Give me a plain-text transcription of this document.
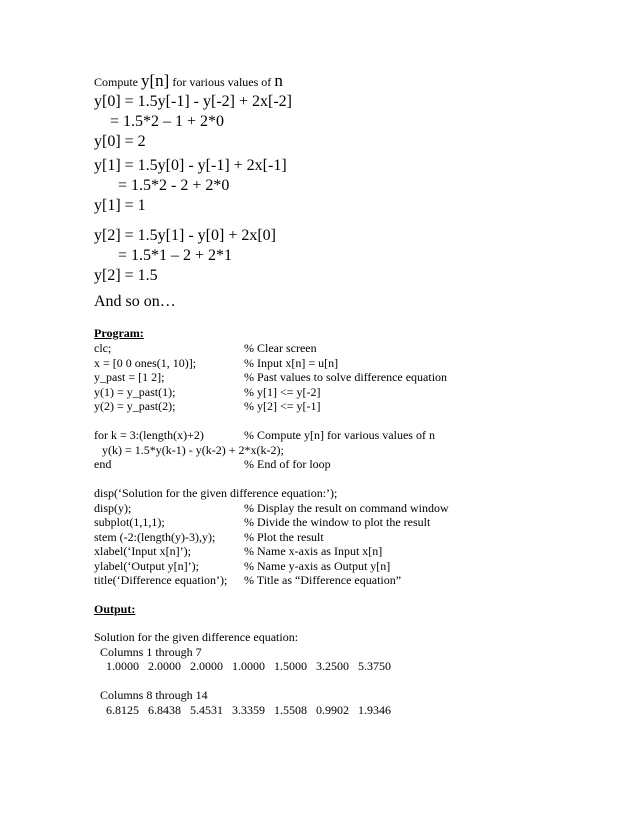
Compute y[n] for various values of n
y[0] = 1.5y[-1] - y[-2] + 2x[-2]
= 1.5*2 – 1 + 2*0
y[0] = 2
y[1] = 1.5y[0] - y[-1] + 2x[-1]
= 1.5*2 - 2 + 2*0
y[1] = 1
y[2] = 1.5y[1] - y[0] + 2x[0]
= 1.5*1 – 2 + 2*1
y[2] = 1.5
And so on…
Program:
clc;	% Clear screen
x = [0 0 ones(1, 10)];	% Input x[n] = u[n]
y_past = [1 2];	% Past values to solve difference equation
y(1) = y_past(1);	% y[1] <= y[-2]
y(2) = y_past(2);	% y[2] <= y[-1]
for k = 3:(length(x)+2)	% Compute y[n] for various values of n
y(k) = 1.5*y(k-1) - y(k-2) + 2*x(k-2);
end	% End of for loop
disp(‘Solution for the given difference equation:’);
disp(y);	% Display the result on command window
subplot(1,1,1);	% Divide the window to plot the result
stem (-2:(length(y)-3),y); % Plot the result
xlabel(‘Input x[n]’);	% Name x-axis as Input x[n]
ylabel(‘Output y[n]’);	% Name y-axis as Output y[n]
title(‘Difference equation’); % Title as “Difference equation”
Output:
Solution for the given difference equation:
Columns 1 through 7
1.0000 2.0000 2.0000 1.0000 1.5000 3.2500 5.3750
Columns 8 through 14
6.8125 6.8438 5.4531 3.3359 1.5508 0.9902 1.9346
